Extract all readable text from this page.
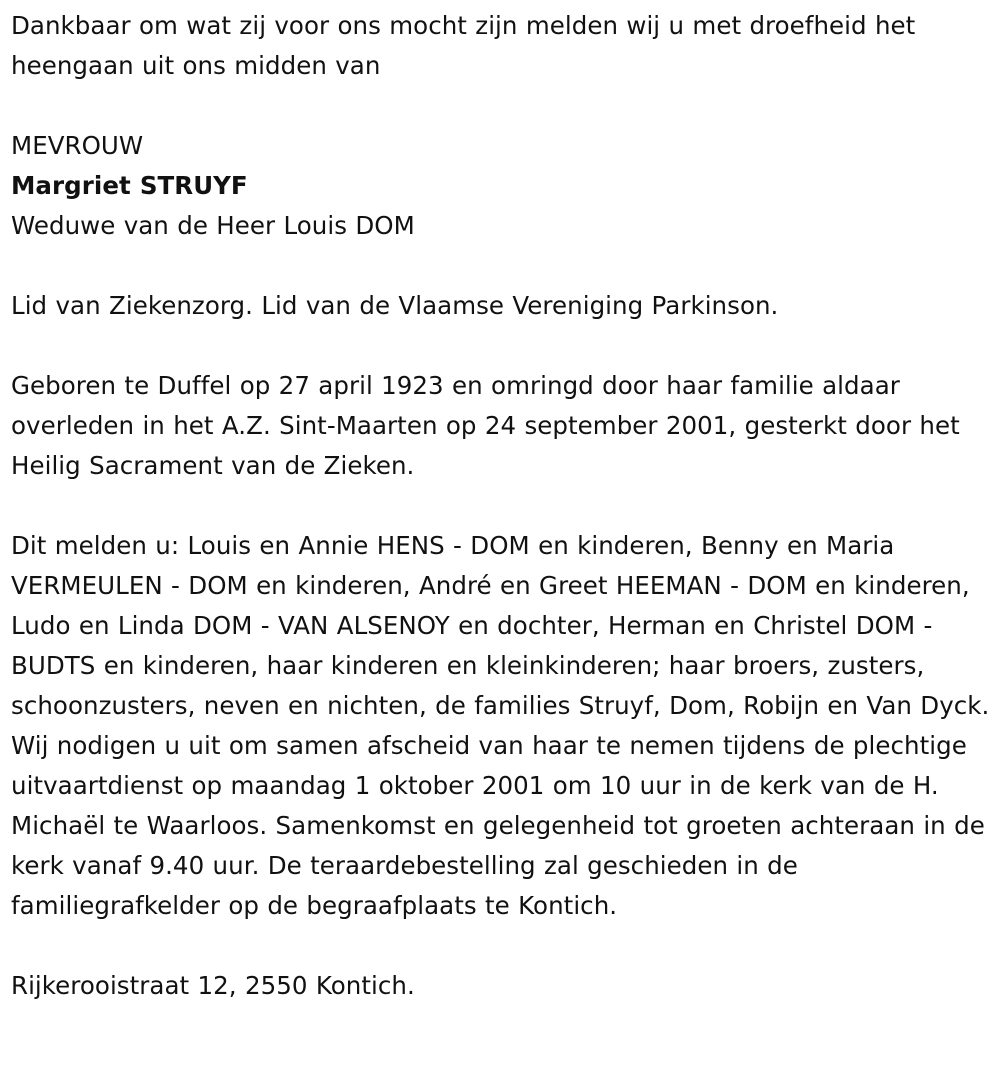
Dankbaar om wat zij voor ons mocht zijn melden wij u met droefheid het heengaan uit ons midden van

MEVROUW

Margriet STRUYF

Weduwe van de Heer Louis DOM

Lid van Ziekenzorg. Lid van de Vlaamse Vereniging Parkinson.

Geboren te Duffel op 27 april 1923 en omringd door haar familie aldaar overleden in het A.Z. Sint-Maarten op 24 september 2001, gesterkt door het Heilig Sacrament van de Zieken.

Dit melden u: Louis en Annie HENS - DOM en kinderen, Benny en Maria VERMEULEN - DOM en kinderen, André en Greet HEEMAN - DOM en kinderen, Ludo en Linda DOM - VAN ALSENOY en dochter, Herman en Christel DOM - BUDTS en kinderen, haar kinderen en kleinkinderen; haar broers, zusters, schoonzusters, neven en nichten, de families Struyf, Dom, Robijn en Van Dyck. Wij nodigen u uit om samen afscheid van haar te nemen tijdens de plechtige uitvaartdienst op maandag 1 oktober 2001 om 10 uur in de kerk van de H. Michaël te Waarloos. Samenkomst en gelegenheid tot groeten achteraan in de kerk vanaf 9.40 uur. De teraardebestelling zal geschieden in de familiegrafkelder op de begraafplaats te Kontich.

Rijkerooistraat 12, 2550 Kontich.
